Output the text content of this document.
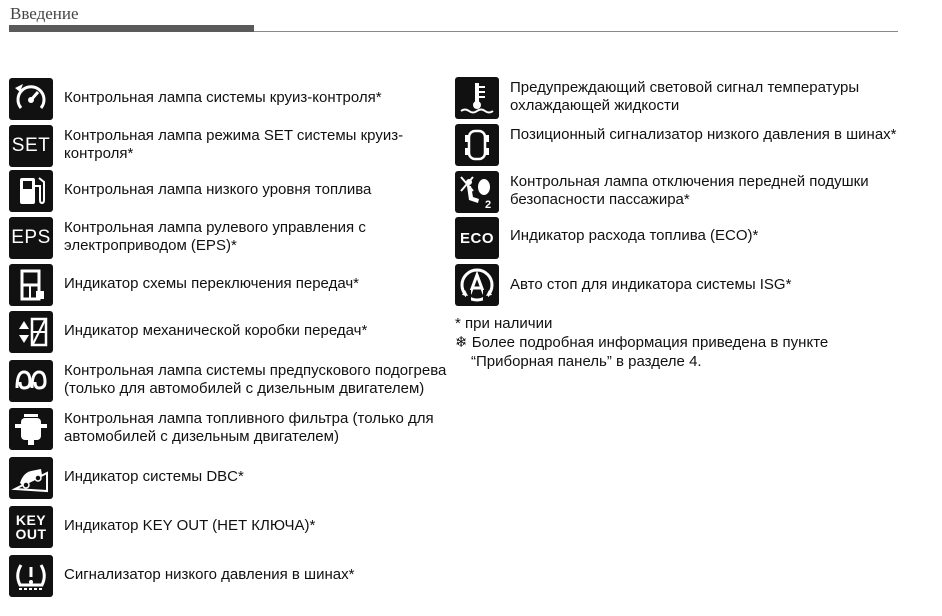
Введение
Контрольная лампа системы круиз-контроля*
SET Контрольная лампа режима SET системы круиз-контроля*
Контрольная лампа низкого уровня топлива
EPS Контрольная лампа рулевого управления с электроприводом (EPS)*
Индикатор схемы переключения передач*
Индикатор механической коробки передач*
Контрольная лампа системы предпускового подогрева (только для автомобилей с дизельным двигателем)
Контрольная лампа топливного фильтра (только для автомобилей с дизельным двигателем)
Индикатор системы DBC*
KEY OUT Индикатор KEY OUT (НЕТ КЛЮЧА)*
Сигнализатор низкого давления в шинах*
Предупреждающий световой сигнал температуры охлаждающей жидкости
Позиционный сигнализатор низкого давления в шинах*
2
Контрольная лампа отключения передней подушки безопасности пассажира*
ECO Индикатор расхода топлива (ECO)*
Авто стоп для индикатора системы ISG*
* при наличии
❄ Более подробная информация приведена в пункте
“Приборная панель” в разделе 4.
